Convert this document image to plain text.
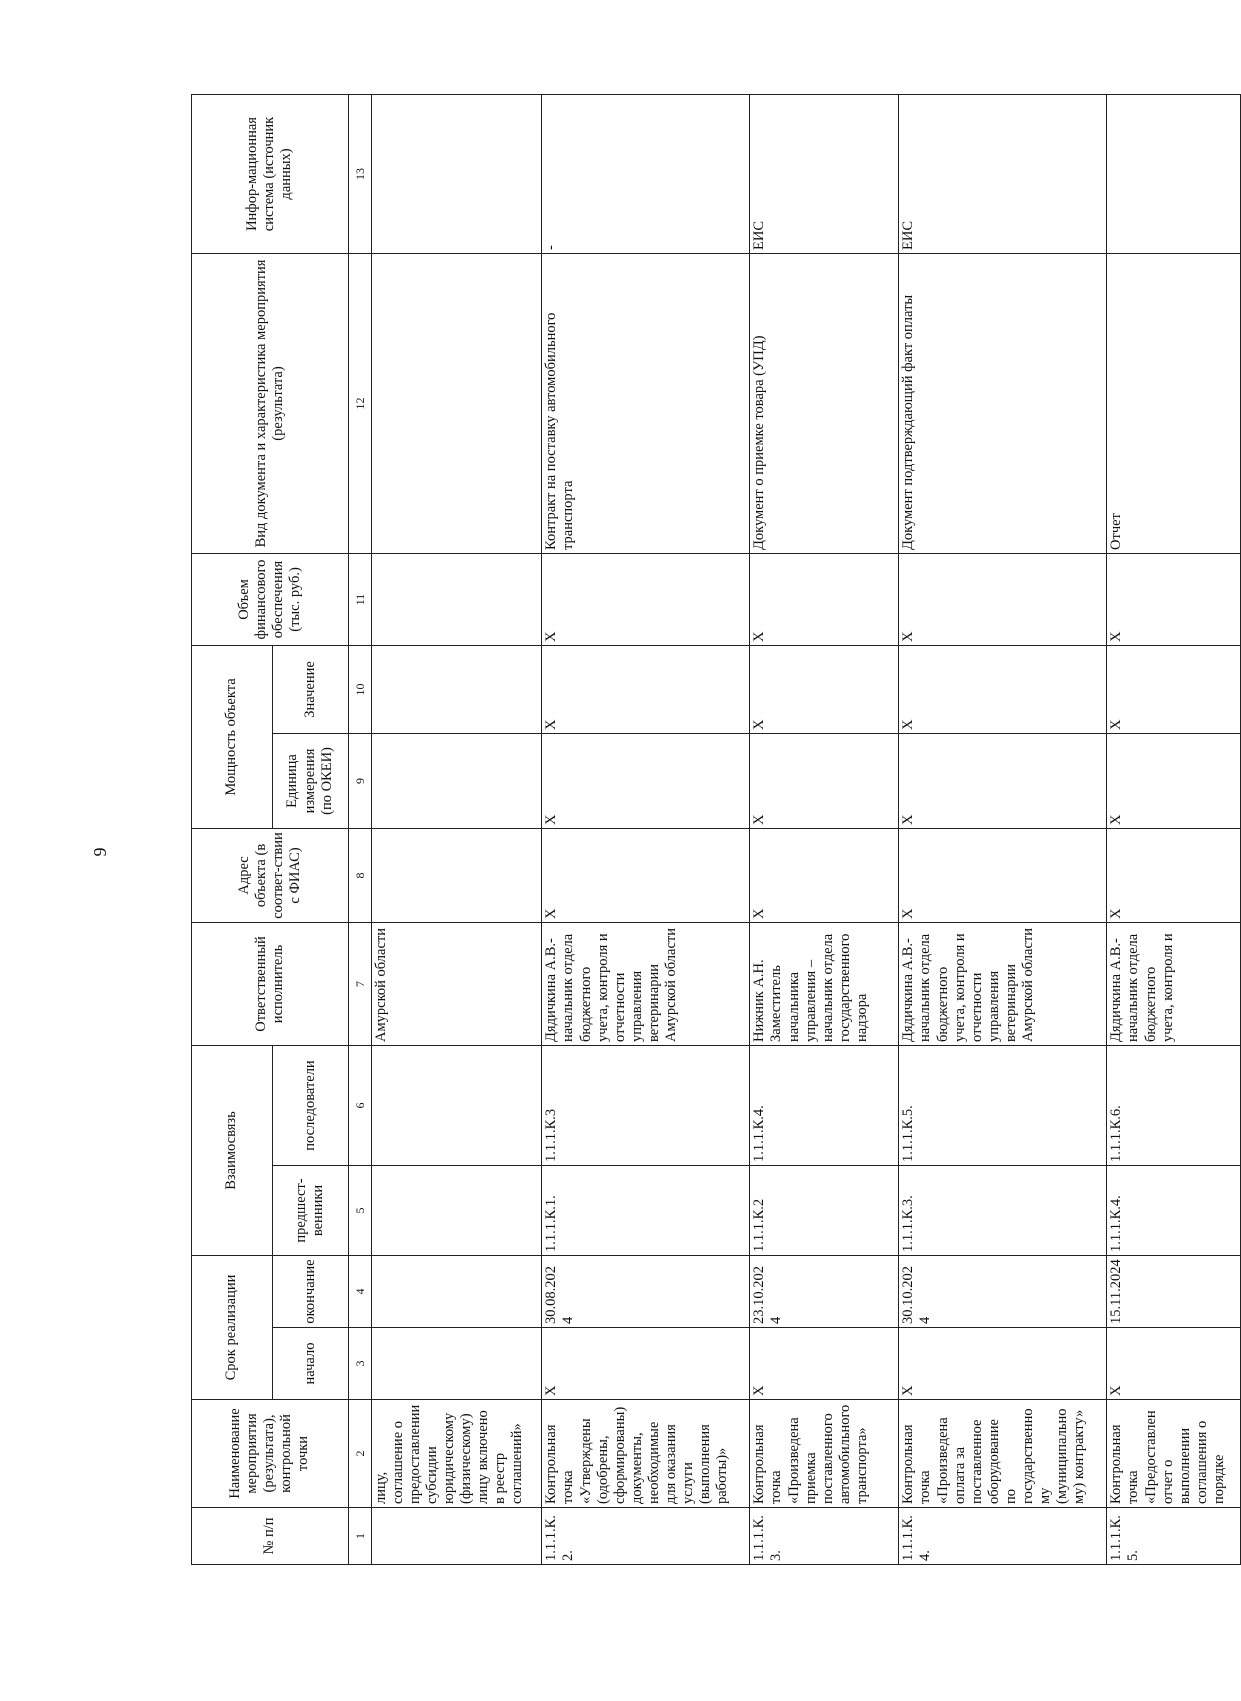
9
№ п/п	Наименование мероприятия (результата), контрольной точки	Срок реализации		Взаимосвязь		Ответственный исполнитель	Адрес объекта (в соответ-ствии с ФИАС)	Мощность объекта		Объем финансового обеспечения (тыс. руб.)	Вид документа и характеристика мероприятия (результата)	Инфор-мационная система (источник данных)
		начало	окончание	предшест-венники	последователи			Единица измерения (по ОКЕИ)	Значение			
1	2	3	4	5	6	7	8	9	10	11	12	13
	лицу, соглашение о предоставлении субсидии юридическому (физическому) лицу включено в реестр соглашений»					Амурской области						
1.1.1.К.2.	Контрольная точка «Утверждены (одобрены, сформированы) документы, необходимые для оказания услуги (выполнения работы)»	X	30.08.2024	1.1.1.К.1.	1.1.1.К.3	Дядичкина А.В.- начальник отдела бюджетного учета, контроля и отчетности управления ветеринарии Амурской области	X	X	X	X	Контракт на поставку автомобильного транспорта	-
1.1.1.К.3.	Контрольная точка «Произведена приемка поставленного автомобильного транспорта»	X	23.10.2024	1.1.1.К.2	1.1.1.К.4.	Нижник А.Н. Заместитель начальника управления – начальник отдела государственного надзора	X	X	X	X	Документ о приемке товара (УПД)	ЕИС
1.1.1.К.4.	Контрольная точка «Произведена оплата за поставленное оборудование по государственному (муниципальному) контракту»	X	30.10.2024	1.1.1.К.3.	1.1.1.К.5.	Дядичкина А.В.- начальник отдела бюджетного учета, контроля и отчетности управления ветеринарии Амурской области	X	X	X	X	Документ подтверждающий факт оплаты	ЕИС
1.1.1.К.5.	Контрольная точка «Предоставлен отчет о выполнении соглашения о порядке	X	15.11.2024	1.1.1.К.4.	1.1.1.К.6.	Дядичкина А.В.- начальник отдела бюджетного учета, контроля и	X	X	X	X	Отчет	
